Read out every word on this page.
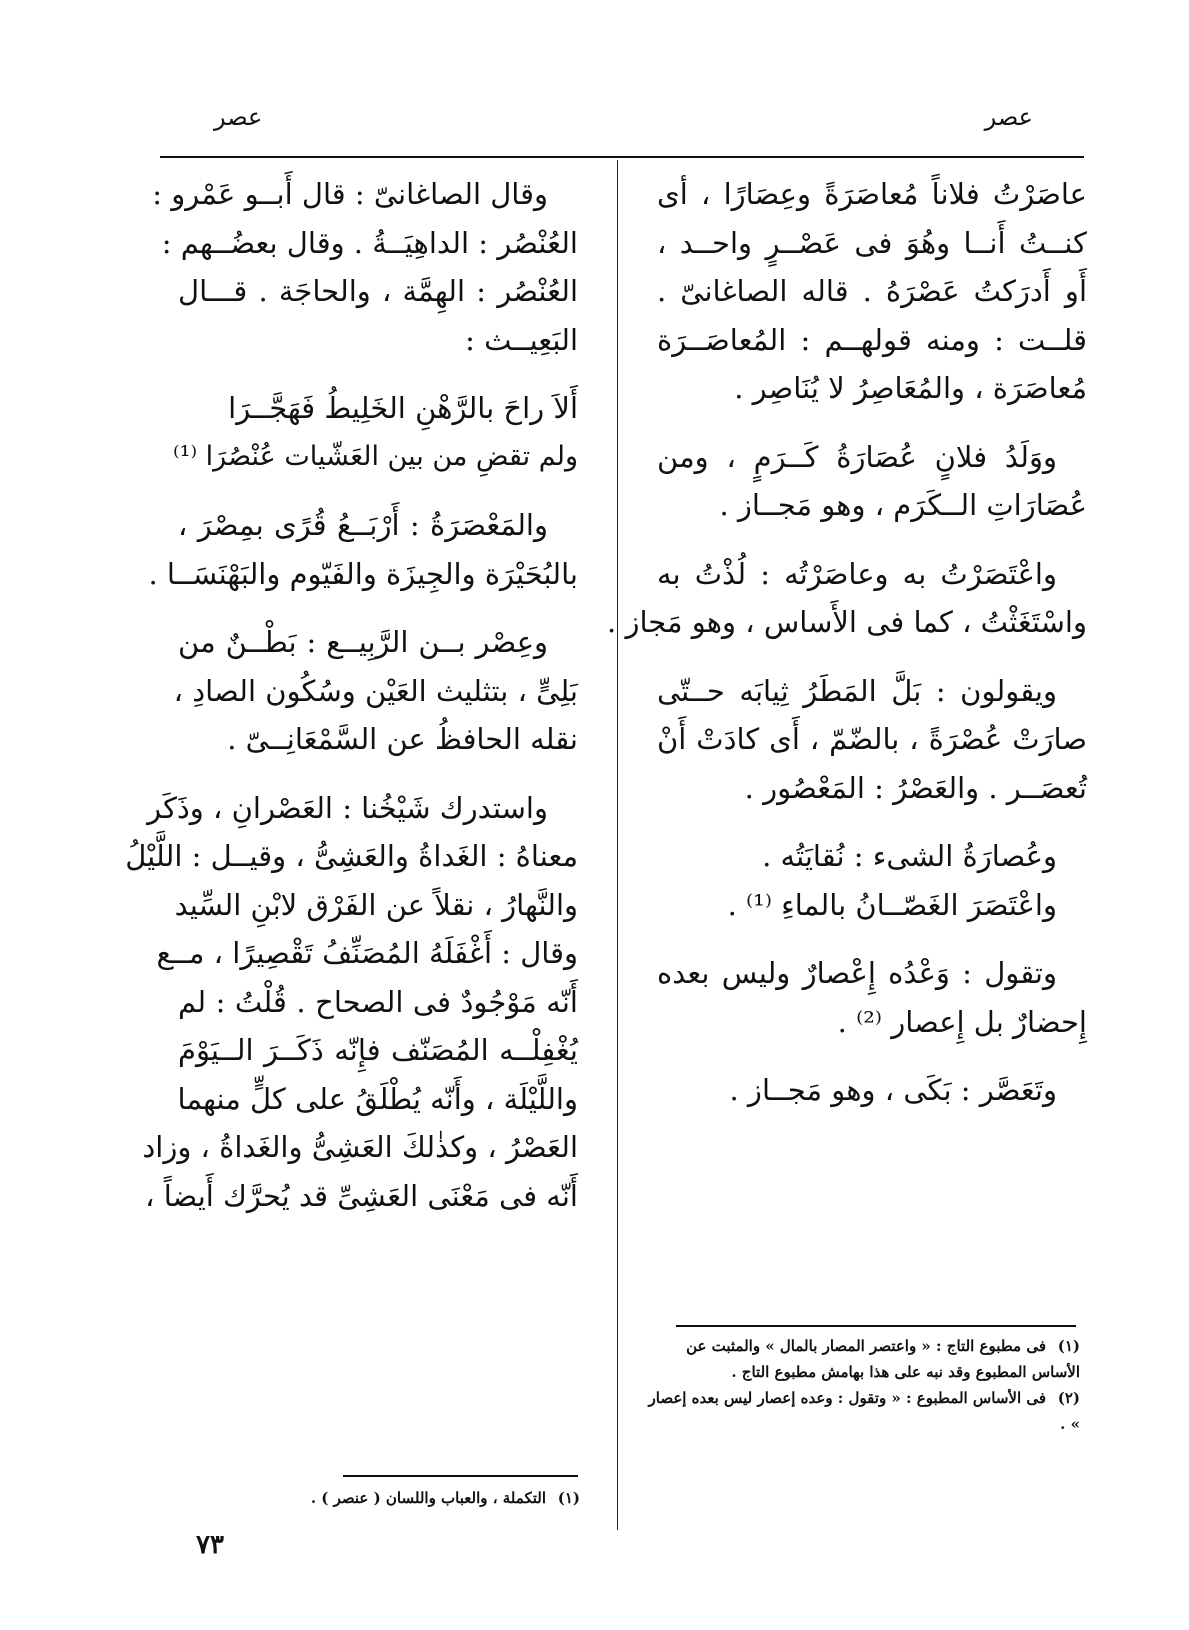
عصر
عصر
عاصَرْتُ فلاناً مُعاصَرَةً وعِصَارًا ، أى
كنــتُ أَنــا وهُوَ فى عَصْــرٍ واحــد ،
أَو أَدرَكتُ عَصْرَهُ . قاله الصاغانىّ .
قلــت : ومنه قولهــم : المُعاصَــرَة
مُعاصَرَة ، والمُعَاصِرُ لا يُنَاصِر .
ووَلَدُ فلانٍ عُصَارَةُ كَــرَمٍ ، ومن
عُصَارَاتِ الــكَرَم ، وهو مَجــاز .
واعْتَصَرْتُ به وعاصَرْتُه : لُذْتُ به
واسْتَغَثْتُ ، كما فى الأَساس ، وهو مَجاز .
ويقولون : بَلَّ المَطَرُ ثِيابَه حــتّى
صارَتْ عُصْرَةً ، بالضّمّ ، أَى كادَتْ أَنْ
تُعصَــر . والعَصْرُ : المَعْصُور .
وعُصارَةُ الشىء : نُقايَتُه .
واعْتَصَرَ الغَصّــانُ بالماءِ ⁽¹⁾ .
وتقول : وَعْدُه إِعْصارٌ وليس بعده
إِحضارٌ بل إِعصار ⁽²⁾ .
وتَعَصَّر : بَكَى ، وهو مَجــاز .
وقال الصاغانىّ : قال أَبــو عَمْرو :
العُنْصُر : الداهِيَــةُ . وقال بعضُــهم :
العُنْصُر : الهِمَّة ، والحاجَة . قـــال
البَعِيــث :
أَلاَ راحَ بالرَّهْنِ الخَلِيطُ فَهَجَّــرَا
ولم تقضِ من بين العَشّيات عُنْصُرَا ⁽¹⁾
والمَعْصَرَةُ : أَرْبَــعُ قُرًى بمِصْرَ ،
بالبُحَيْرَة والجِيزَة والفَيّوم والبَهْنَسَــا .
وعِصْر بــن الرَّبِيــع : بَطْــنٌ من
بَلِىٍّ ، بتثليث العَيْن وسُكُون الصادِ ،
نقله الحافظُ عن السَّمْعَانِــىّ .
واستدرك شَيْخُنا : العَصْرانِ ، وذَكَر
معناهُ : الغَداةُ والعَشِىُّ ، وقيــل : اللَّيْلُ
والنَّهارُ ، نقلاً عن الفَرْق لابْنِ السِّيد
وقال : أَغْفَلَهُ المُصَنِّفُ تَقْصِيرًا ، مــع
أَنّه مَوْجُودٌ فى الصحاح . قُلْتُ : لم
يُغْفِلْــه المُصَنّف فإِنّه ذَكَــرَ الــيَوْمَ
واللَّيْلَة ، وأَنّه يُطْلَقُ على كلٍّ منهما
العَصْرُ ، وكذٰلكَ العَشِىُّ والغَداةُ ، وزاد
أَنّه فى مَعْنَى العَشِىِّ قد يُحرَّك أَيضاً ،
(١)فى مطبوع التاج : « واعتصر المصار بالمال » والمثبت عن الأساس المطبوع وقد نبه على هذا بهامش مطبوع التاج .
(٢)فى الأساس المطبوع : « وتقول : وعده إعصار ليس بعده إعصار » .
(١)التكملة ، والعباب واللسان ( عنصر ) .
٧٣
